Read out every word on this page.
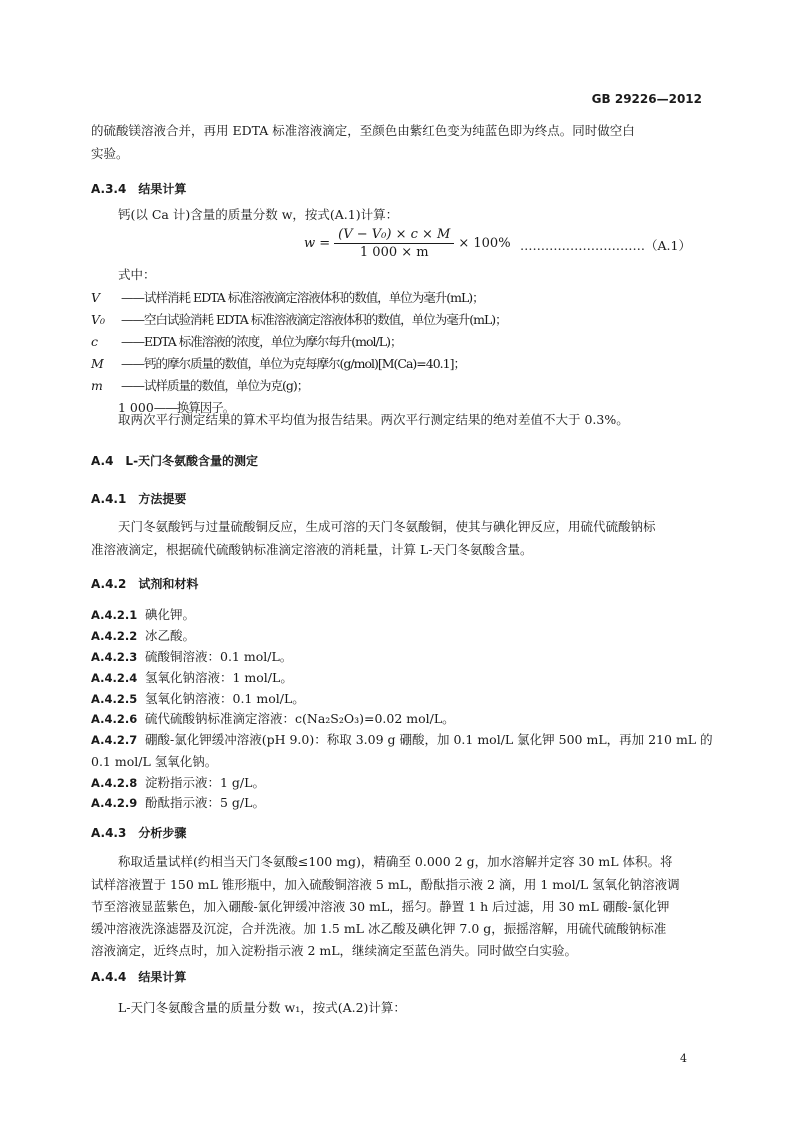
GB 29226—2012
的硫酸镁溶液合并，再用 EDTA 标准溶液滴定，至颜色由紫红色变为纯蓝色即为终点。同时做空白
实验。
A.3.4 结果计算
钙(以 Ca 计)含量的质量分数 w，按式(A.1)计算：
$w = \frac{\text{(V − V₀) × c × M}}{1 000 \times m} \times 100\%$ …………………………（A.1）
式中：
V ——试样消耗 EDTA 标准溶液滴定溶液体积的数值，单位为毫升(mL)；
V₀ ——空白试验消耗 EDTA 标准溶液滴定溶液体积的数值，单位为毫升(mL)；
c ——EDTA 标准溶液的浓度，单位为摩尔每升(mol/L)；
M ——钙的摩尔质量的数值，单位为克每摩尔(g/mol)[M(Ca)=40.1]；
m ——试样质量的数值，单位为克(g)；
1 000——换算因子。
取两次平行测定结果的算术平均值为报告结果。两次平行测定结果的绝对差值不大于 0.3%。
A.4 L-天门冬氨酸含量的测定
A.4.1 方法提要
天门冬氨酸钙与过量硫酸铜反应，生成可溶的天门冬氨酸铜，使其与碘化钾反应，用硫代硫酸钠标
准溶液滴定，根据硫代硫酸钠标准滴定溶液的消耗量，计算 L-天门冬氨酸含量。
A.4.2 试剂和材料
A.4.2.1 碘化钾。
A.4.2.2 冰乙酸。
A.4.2.3 硫酸铜溶液：0.1 mol/L。
A.4.2.4 氢氧化钠溶液：1 mol/L。
A.4.2.5 氢氧化钠溶液：0.1 mol/L。
A.4.2.6 硫代硫酸钠标准滴定溶液：c(Na₂S₂O₃)=0.02 mol/L。
A.4.2.7 硼酸-氯化钾缓冲溶液(pH 9.0)：称取 3.09 g 硼酸，加 0.1 mol/L 氯化钾 500 mL，再加 210 mL 的
0.1 mol/L 氢氧化钠。
A.4.2.8 淀粉指示液：1 g/L。
A.4.2.9 酚酞指示液：5 g/L。
A.4.3 分析步骤
称取适量试样(约相当天门冬氨酸≤100 mg)，精确至 0.000 2 g，加水溶解并定容 30 mL 体积。将
试样溶液置于 150 mL 锥形瓶中，加入硫酸铜溶液 5 mL，酚酞指示液 2 滴，用 1 mol/L 氢氧化钠溶液调
节至溶液显蓝紫色，加入硼酸-氯化钾缓冲溶液 30 mL，摇匀。静置 1 h 后过滤，用 30 mL 硼酸-氯化钾
缓冲溶液洗涤滤器及沉淀，合并洗液。加 1.5 mL 冰乙酸及碘化钾 7.0 g，振摇溶解，用硫代硫酸钠标准
溶液滴定，近终点时，加入淀粉指示液 2 mL，继续滴定至蓝色消失。同时做空白实验。
A.4.4 结果计算
L-天门冬氨酸含量的质量分数 w₁，按式(A.2)计算：
4
